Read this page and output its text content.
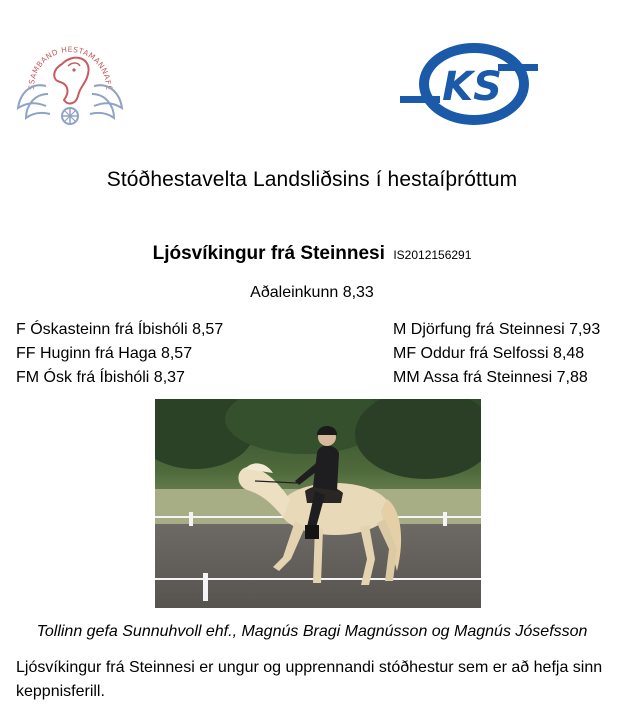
SSAMBAND HESTAMANNAFÉ	KS
Stóðhestavelta Landsliðsins í hestaíþróttum
Ljósvíkingur frá Steinnesi IS2012156291
Aðaleinkunn 8,33
F Óskasteinn frá Íbishóli 8,57
FF Huginn frá Haga 8,57
FM Ósk frá Íbishóli 8,37
M Djörfung frá Steinnesi 7,93
MF Oddur frá Selfossi 8,48
MM Assa frá Steinnesi 7,88
Tollinn gefa Sunnuhvoll ehf., Magnús Bragi Magnússon og Magnús Jósefsson
Ljósvíkingur frá Steinnesi er ungur og upprennandi stóðhestur sem er að hefja sinn keppnisferill.
